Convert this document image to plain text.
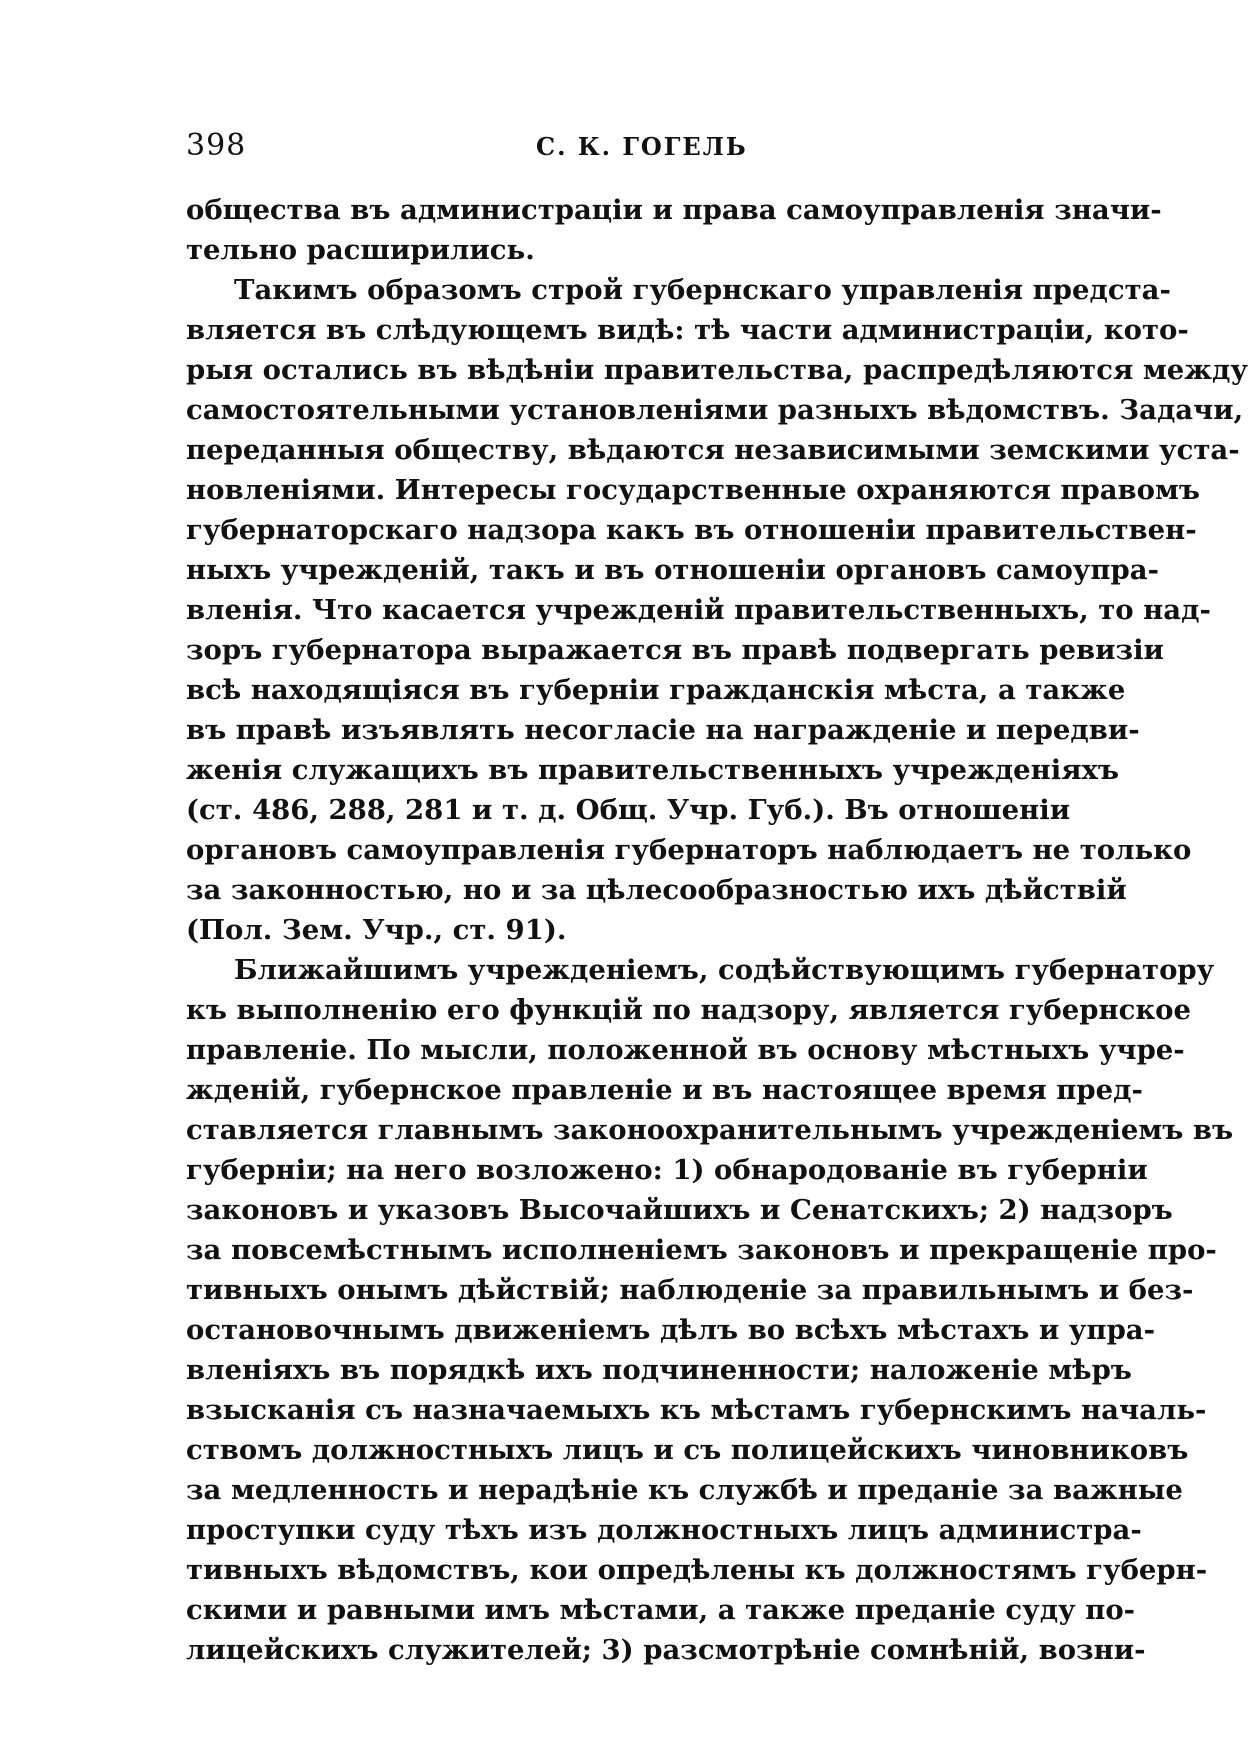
398	С. К. ГОГЕЛЬ
общества въ администрацiи и права самоуправленiя значи-
тельно расширились.
Такимъ образомъ строй губернскаго управленiя предста-
вляется въ слѣдующемъ видѣ: тѣ части администрацiи, кото-
рыя остались въ вѣдѣнiи правительства, распредѣляются между
самостоятельными установленiями разныхъ вѣдомствъ. Задачи,
переданныя обществу, вѣдаются независимыми земскими уста-
новленiями. Интересы государственные охраняются правомъ
губернаторскаго надзора какъ въ отношенiи правительствен-
ныхъ учрежденiй, такъ и въ отношенiи органовъ самоупра-
вленiя. Что касается учрежденiй правительственныхъ, то над-
зоръ губернатора выражается въ правѣ подвергать ревизiи
всѣ находящiяся въ губернiи гражданскiя мѣста, а также
въ правѣ изъявлять несогласiе на награжденiе и передви-
женiя служащихъ въ правительственныхъ учрежденiяхъ
(ст. 486, 288, 281 и т. д. Общ. Учр. Губ.). Въ отношенiи
органовъ самоуправленiя губернаторъ наблюдаетъ не только
за законностью, но и за цѣлесообразностью ихъ дѣйствiй
(Пол. Зем. Учр., ст. 91).
Ближайшимъ учрежденiемъ, содѣйствующимъ губернатору
къ выполненiю его функцiй по надзору, является губернское
правленiе. По мысли, положенной въ основу мѣстныхъ учре-
жденiй, губернское правленiе и въ настоящее время пред-
ставляется главнымъ законоохранительнымъ учрежденiемъ въ
губернiи; на него возложено: 1) обнародованiе въ губернiи
законовъ и указовъ Высочайшихъ и Сенатскихъ; 2) надзоръ
за повсемѣстнымъ исполненiемъ законовъ и прекращенiе про-
тивныхъ онымъ дѣйствiй; наблюденiе за правильнымъ и без-
остановочнымъ движенiемъ дѣлъ во всѣхъ мѣстахъ и упра-
вленiяхъ въ порядкѣ ихъ подчиненности; наложенiе мѣръ
взысканiя съ назначаемыхъ къ мѣстамъ губернскимъ началь-
ствомъ должностныхъ лицъ и съ полицейскихъ чиновниковъ
за медленность и нерадѣнiе къ службѣ и преданiе за важные
проступки суду тѣхъ изъ должностныхъ лицъ администра-
тивныхъ вѣдомствъ, кои опредѣлены къ должностямъ губерн-
скими и равными имъ мѣстами, а также преданiе суду по-
лицейскихъ служителей; 3) разсмотрѣнiе сомнѣнiй, возни-
